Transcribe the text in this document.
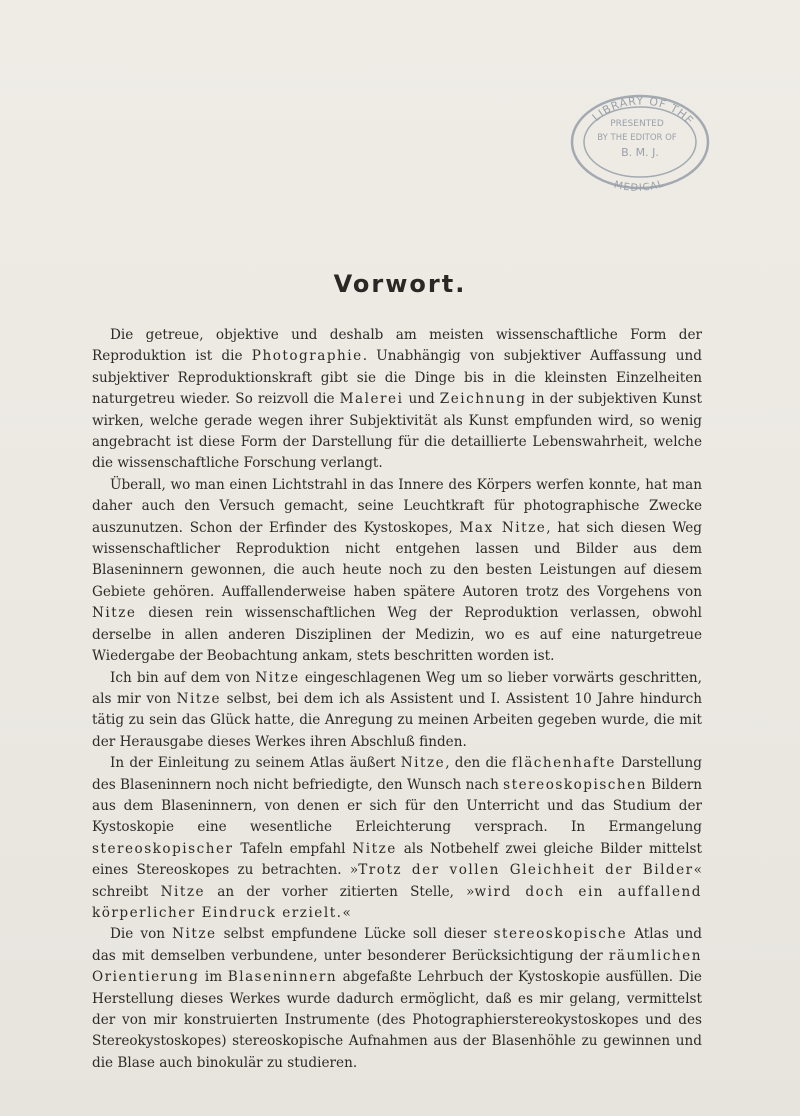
LIBRARY OF THE
PRESENTED
BY THE EDITOR OF
B. M. J.
MEDICAL
Vorwort.

Die getreue, objektive und deshalb am meisten wissenschaftliche Form der Reproduktion ist die Photographie. Unabhängig von subjektiver Auffassung und subjektiver Reproduktionskraft gibt sie die Dinge bis in die kleinsten Einzelheiten naturgetreu wieder. So reizvoll die Malerei und Zeichnung in der subjektiven Kunst wirken, welche gerade wegen ihrer Subjektivität als Kunst empfunden wird, so wenig angebracht ist diese Form der Darstellung für die detaillierte Lebenswahrheit, welche die wissenschaftliche Forschung verlangt.

Überall, wo man einen Lichtstrahl in das Innere des Körpers werfen konnte, hat man daher auch den Versuch gemacht, seine Leuchtkraft für photographische Zwecke auszunutzen. Schon der Erfinder des Kystoskopes, Max Nitze, hat sich diesen Weg wissenschaftlicher Reproduktion nicht entgehen lassen und Bilder aus dem Blaseninnern gewonnen, die auch heute noch zu den besten Leistungen auf diesem Gebiete gehören. Auffallenderweise haben spätere Autoren trotz des Vorgehens von Nitze diesen rein wissenschaftlichen Weg der Reproduktion verlassen, obwohl derselbe in allen anderen Disziplinen der Medizin, wo es auf eine naturgetreue Wiedergabe der Beobachtung ankam, stets beschritten worden ist.

Ich bin auf dem von Nitze eingeschlagenen Weg um so lieber vorwärts geschritten, als mir von Nitze selbst, bei dem ich als Assistent und I. Assistent 10 Jahre hindurch tätig zu sein das Glück hatte, die Anregung zu meinen Arbeiten gegeben wurde, die mit der Herausgabe dieses Werkes ihren Abschluß finden.

In der Einleitung zu seinem Atlas äußert Nitze, den die flächenhafte Darstellung des Blaseninnern noch nicht befriedigte, den Wunsch nach stereoskopischen Bildern aus dem Blaseninnern, von denen er sich für den Unterricht und das Studium der Kystoskopie eine wesentliche Erleichterung versprach. In Ermangelung stereoskopischer Tafeln empfahl Nitze als Notbehelf zwei gleiche Bilder mittelst eines Stereoskopes zu betrachten. »Trotz der vollen Gleichheit der Bilder« schreibt Nitze an der vorher zitierten Stelle, »wird doch ein auffallend körperlicher Eindruck erzielt.«

Die von Nitze selbst empfundene Lücke soll dieser stereoskopische Atlas und das mit demselben verbundene, unter besonderer Berücksichtigung der räumlichen Orientierung im Blaseninnern abgefaßte Lehrbuch der Kystoskopie ausfüllen. Die Herstellung dieses Werkes wurde dadurch ermöglicht, daß es mir gelang, vermittelst der von mir konstruierten Instrumente (des Photographierstereokystoskopes und des Stereokystoskopes) stereoskopische Aufnahmen aus der Blasenhöhle zu gewinnen und die Blase auch binokulär zu studieren.
